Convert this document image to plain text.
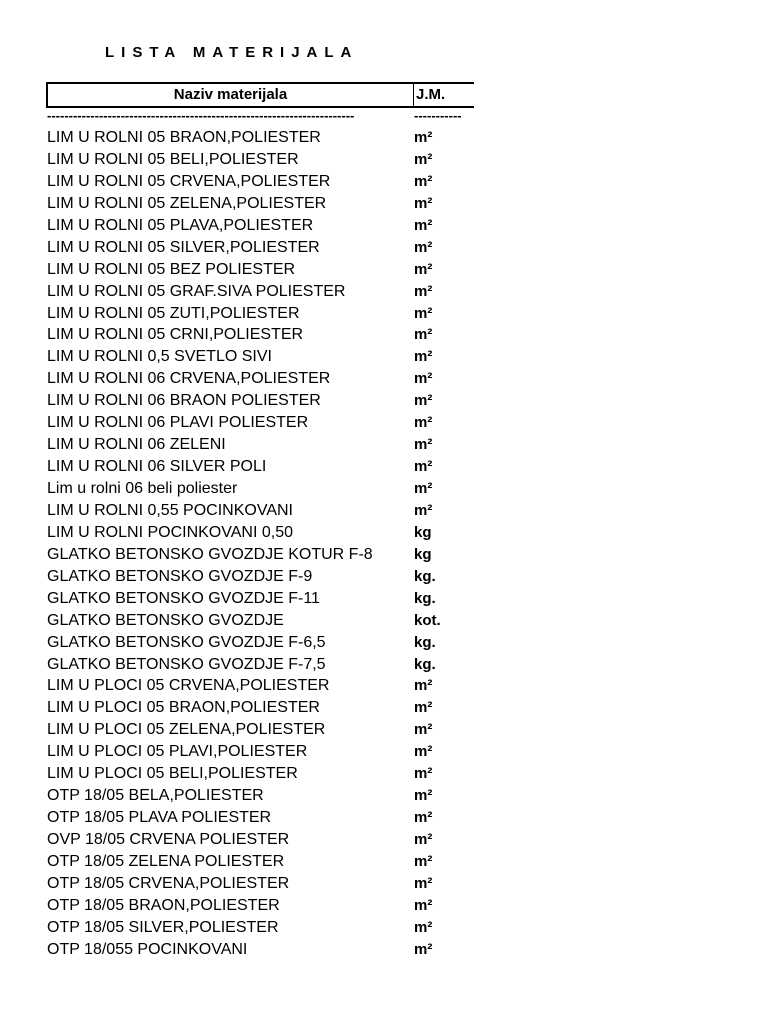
LISTA MATERIJALA
Naziv materijala	J.M.
-----------------------------------------------------------------------	-----------
LIM U ROLNI 05 BRAON,POLIESTER	m²
LIM U ROLNI 05 BELI,POLIESTER	m²
LIM U ROLNI 05 CRVENA,POLIESTER	m²
LIM U ROLNI 05 ZELENA,POLIESTER	m²
LIM U ROLNI 05 PLAVA,POLIESTER	m²
LIM U ROLNI 05 SILVER,POLIESTER	m²
LIM U ROLNI 05 BEZ POLIESTER	m²
LIM U ROLNI 05 GRAF.SIVA POLIESTER	m²
LIM U ROLNI 05 ZUTI,POLIESTER	m²
LIM U ROLNI 05 CRNI,POLIESTER	m²
LIM U ROLNI 0,5 SVETLO SIVI	m²
LIM U ROLNI 06 CRVENA,POLIESTER	m²
LIM U ROLNI 06 BRAON POLIESTER	m²
LIM U ROLNI 06 PLAVI POLIESTER	m²
LIM U ROLNI 06 ZELENI	m²
LIM U ROLNI 06 SILVER POLI	m²
Lim u rolni 06 beli poliester	m²
LIM U ROLNI 0,55 POCINKOVANI	m²
LIM U ROLNI POCINKOVANI 0,50	kg
GLATKO BETONSKO GVOZDJE KOTUR F-8	kg
GLATKO BETONSKO GVOZDJE F-9	kg.
GLATKO BETONSKO GVOZDJE F-11	kg.
GLATKO BETONSKO GVOZDJE	kot.
GLATKO BETONSKO GVOZDJE F-6,5	kg.
GLATKO BETONSKO GVOZDJE F-7,5	kg.
LIM U PLOCI 05 CRVENA,POLIESTER	m²
LIM U PLOCI 05 BRAON,POLIESTER	m²
LIM U PLOCI 05 ZELENA,POLIESTER	m²
LIM U PLOCI 05 PLAVI,POLIESTER	m²
LIM U PLOCI 05 BELI,POLIESTER	m²
OTP 18/05 BELA,POLIESTER	m²
OTP 18/05 PLAVA POLIESTER	m²
OVP 18/05 CRVENA POLIESTER	m²
OTP 18/05 ZELENA POLIESTER	m²
OTP 18/05 CRVENA,POLIESTER	m²
OTP 18/05 BRAON,POLIESTER	m²
OTP 18/05 SILVER,POLIESTER	m²
OTP 18/055 POCINKOVANI	m²
